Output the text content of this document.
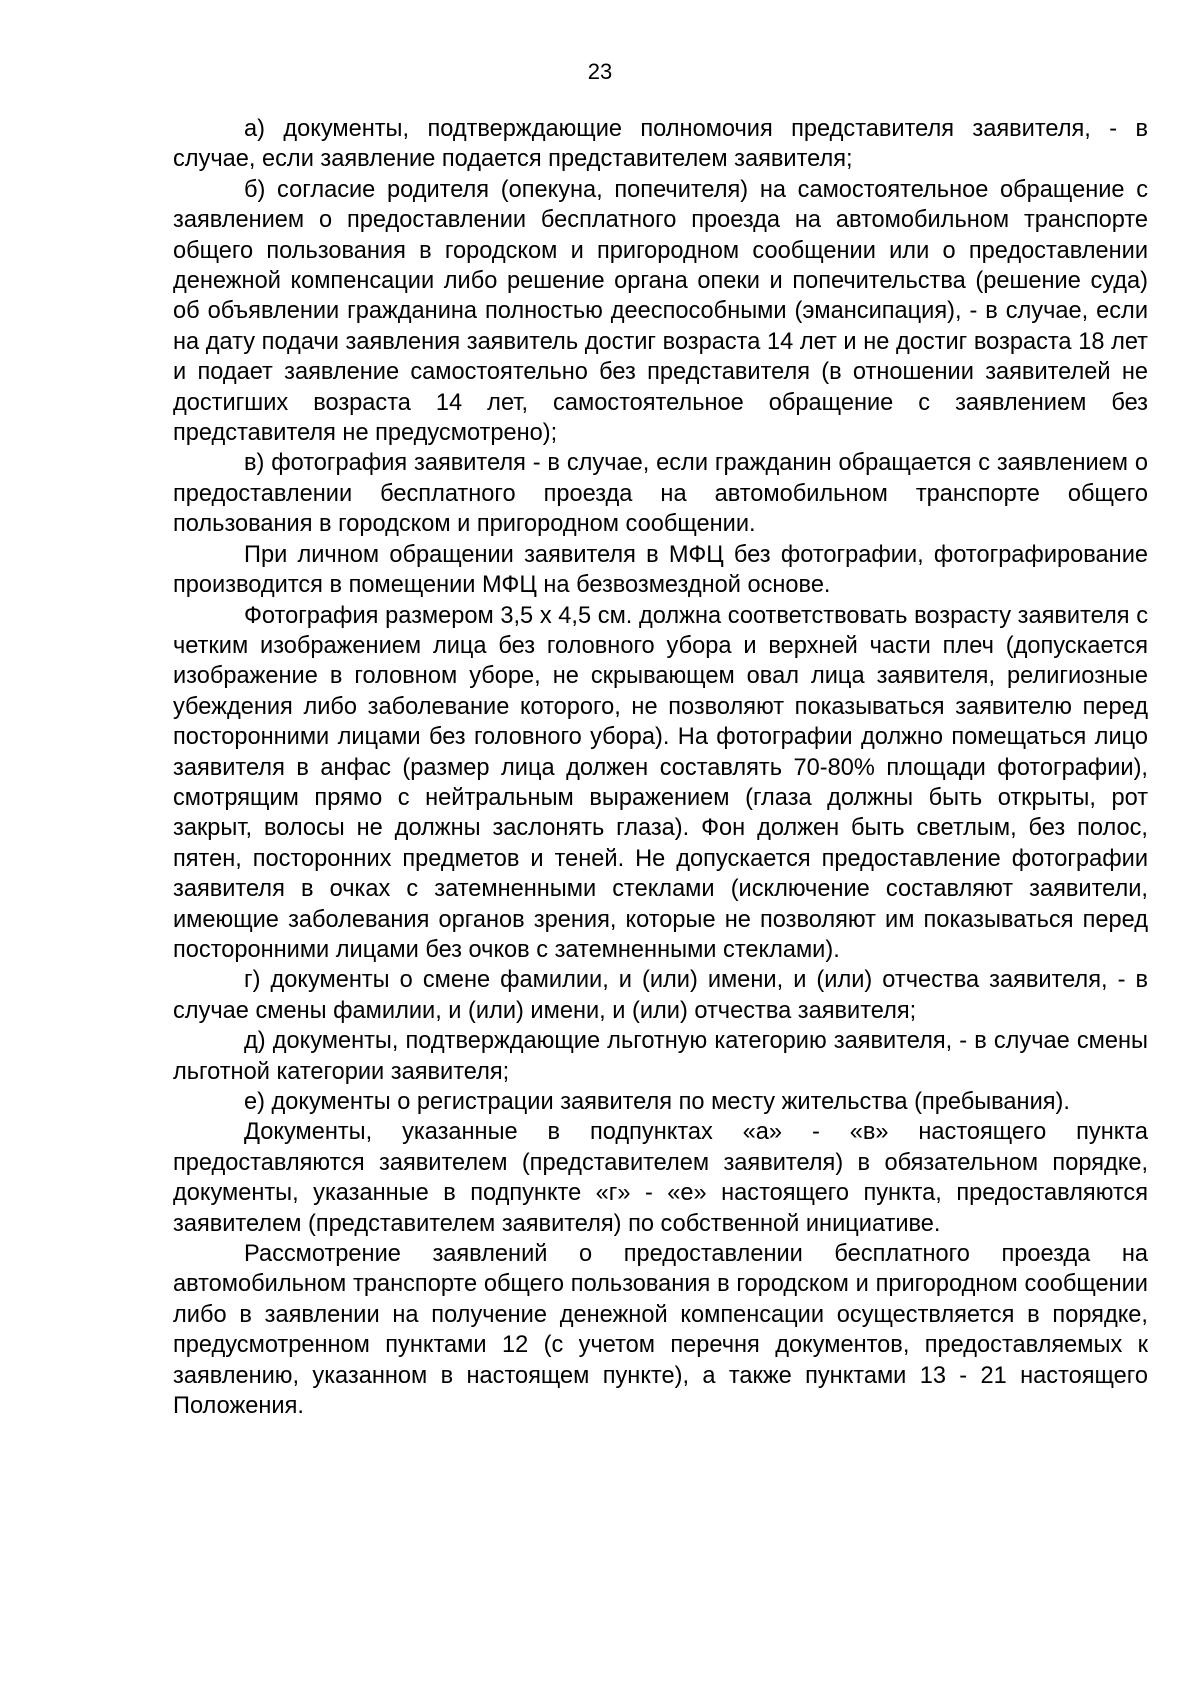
23

а) документы, подтверждающие полномочия представителя заявителя, - в случае, если заявление подается представителем заявителя;

б) согласие родителя (опекуна, попечителя) на самостоятельное обращение с заявлением о предоставлении бесплатного проезда на автомобильном транспорте общего пользования в городском и пригородном сообщении или о предоставлении денежной компенсации либо решение органа опеки и попечительства (решение суда) об объявлении гражданина полностью дееспособными (эмансипация), - в случае, если на дату подачи заявления заявитель достиг возраста 14 лет и не достиг возраста 18 лет и подает заявление самостоятельно без представителя (в отношении заявителей не достигших возраста 14 лет, самостоятельное обращение с заявлением без представителя не предусмотрено);

в) фотография заявителя - в случае, если гражданин обращается с заявлением о предоставлении бесплатного проезда на автомобильном транспорте общего пользования в городском и пригородном сообщении.

При личном обращении заявителя в МФЦ без фотографии, фотографирование производится в помещении МФЦ на безвозмездной основе.

Фотография размером 3,5 х 4,5 см. должна соответствовать возрасту заявителя с четким изображением лица без головного убора и верхней части плеч (допускается изображение в головном уборе, не скрывающем овал лица заявителя, религиозные убеждения либо заболевание которого, не позволяют показываться заявителю перед посторонними лицами без головного убора). На фотографии должно помещаться лицо заявителя в анфас (размер лица должен составлять 70-80% площади фотографии), смотрящим прямо с нейтральным выражением (глаза должны быть открыты, рот закрыт, волосы не должны заслонять глаза). Фон должен быть светлым, без полос, пятен, посторонних предметов и теней. Не допускается предоставление фотографии заявителя в очках с затемненными стеклами (исключение составляют заявители, имеющие заболевания органов зрения, которые не позволяют им показываться перед посторонними лицами без очков с затемненными стеклами).

г) документы о смене фамилии, и (или) имени, и (или) отчества заявителя, - в случае смены фамилии, и (или) имени, и (или) отчества заявителя;

д) документы, подтверждающие льготную категорию заявителя, - в случае смены льготной категории заявителя;

е) документы о регистрации заявителя по месту жительства (пребывания).

Документы, указанные в подпунктах «а» - «в» настоящего пункта предоставляются заявителем (представителем заявителя) в обязательном порядке, документы, указанные в подпункте «г» - «е» настоящего пункта, предоставляются заявителем (представителем заявителя) по собственной инициативе.

Рассмотрение заявлений о предоставлении бесплатного проезда на автомобильном транспорте общего пользования в городском и пригородном сообщении либо в заявлении на получение денежной компенсации осуществляется в порядке, предусмотренном пунктами 12 (с учетом перечня документов, предоставляемых к заявлению, указанном в настоящем пункте), а также пунктами 13 - 21 настоящего Положения.
